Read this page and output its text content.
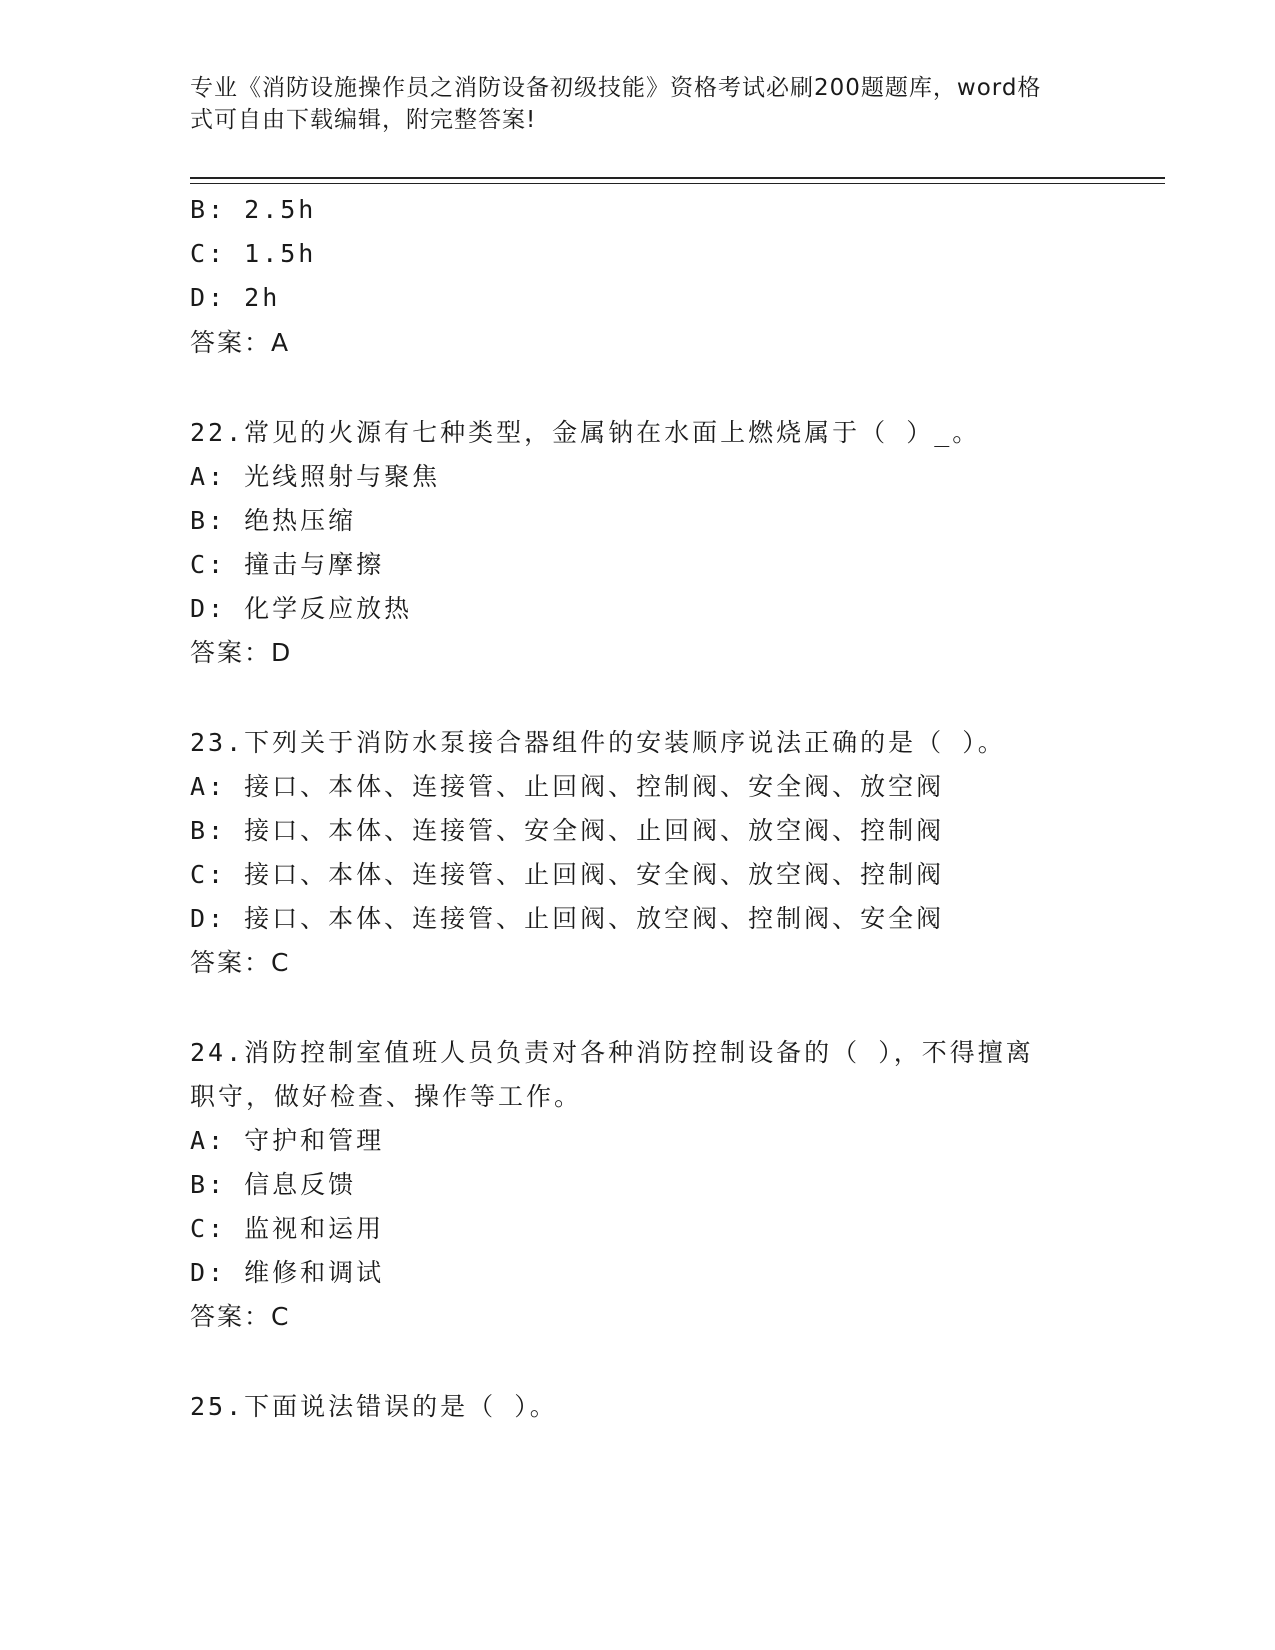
专业《消防设施操作员之消防设备初级技能》资格考试必刷200题题库，word格
式可自由下载编辑，附完整答案!
B: 2.5h
C: 1.5h
D: 2h
答案：A
22.常见的火源有七种类型，金属钠在水面上燃烧属于（ ）_。
A: 光线照射与聚焦
B: 绝热压缩
C: 撞击与摩擦
D: 化学反应放热
答案：D
23.下列关于消防水泵接合器组件的安装顺序说法正确的是（ ）。
A: 接口、本体、连接管、止回阀、控制阀、安全阀、放空阀
B: 接口、本体、连接管、安全阀、止回阀、放空阀、控制阀
C: 接口、本体、连接管、止回阀、安全阀、放空阀、控制阀
D: 接口、本体、连接管、止回阀、放空阀、控制阀、安全阀
答案：C
24.消防控制室值班人员负责对各种消防控制设备的（ ），不得擅离
职守，做好检查、操作等工作。
A: 守护和管理
B: 信息反馈
C: 监视和运用
D: 维修和调试
答案：C
25.下面说法错误的是（ ）。
